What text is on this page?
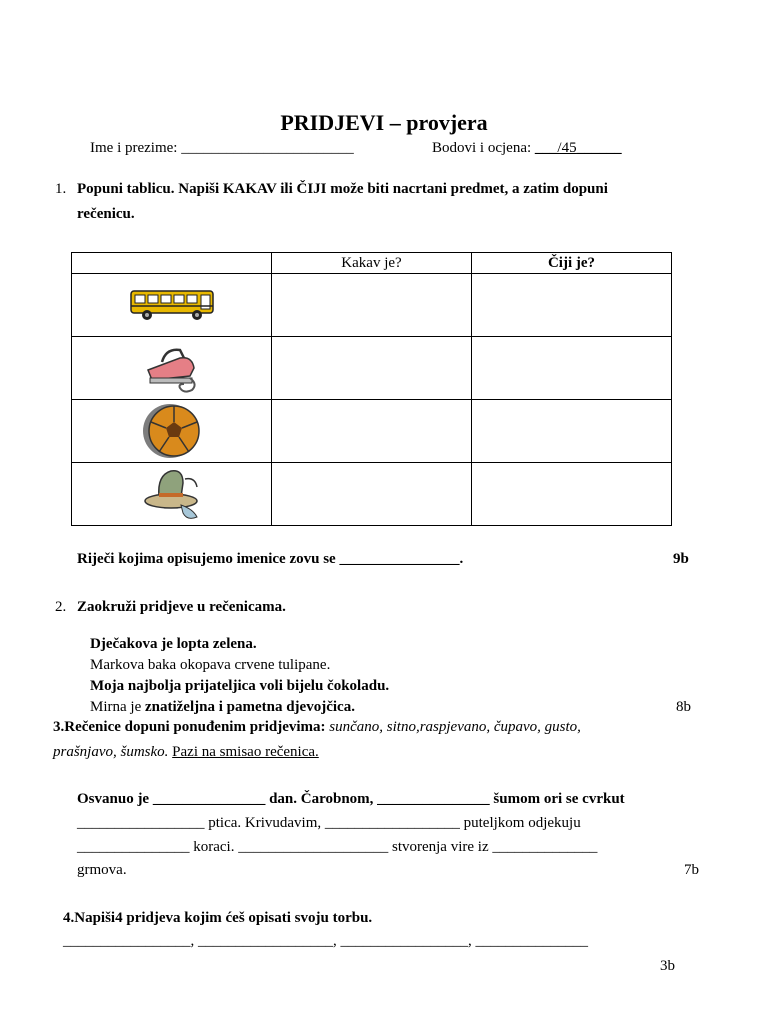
PRIDJEVI – provjera
Ime i prezime: _______________________	Bodovi i ocjena: ___/45______
1. Popuni tablicu. Napiši KAKAV ili ČIJI može biti nacrtani predmet, a zatim dopuni
rečenicu.
	Kakav je?	Čiji je?

Riječi kojima opisujemo imenice zovu se ________________.	9b
2. Zaokruži pridjeve u rečenicama.
Dječakova je lopta zelena.
Markova baka okopava crvene tulipane.
Moja najbolja prijateljica voli bijelu čokoladu.
Mirna je znatiželjna i pametna djevojčica.	8b
3.Rečenice dopuni ponuđenim pridjevima: sunčano, sitno,raspjevano, čupavo, gusto,
prašnjavo, šumsko. Pazi na smisao rečenica.
Osvanuo je _______________ dan. Čarobnom, _______________ šumom ori se cvrkut
_________________ ptica. Krivudavim, __________________ puteljkom odjekuju
_______________ koraci. ____________________ stvorenja vire iz ______________
grmova.	7b
4.Napiši4 pridjeva kojim ćeš opisati svoju torbu.
_________________, __________________, _________________, _______________
3b
